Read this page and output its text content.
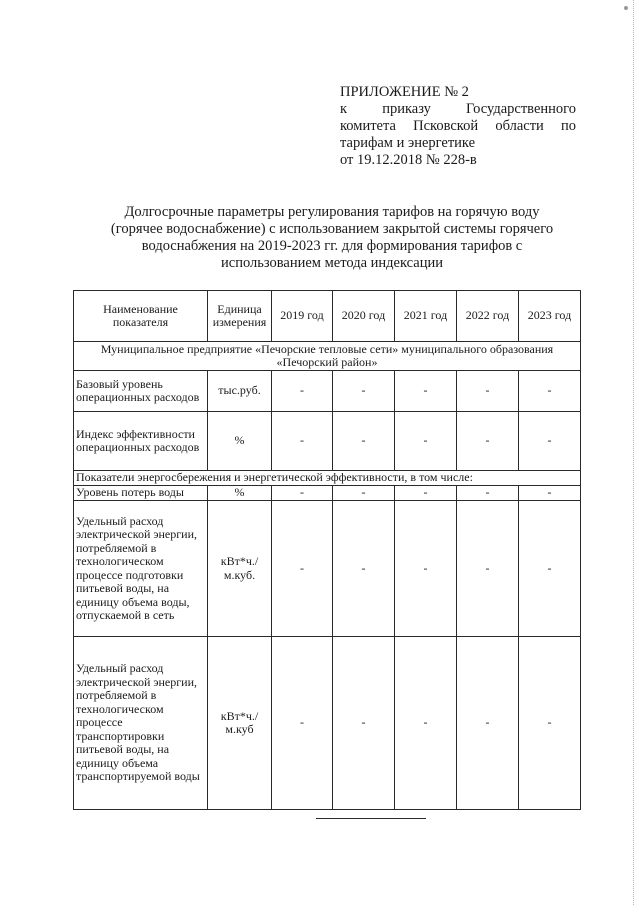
ПРИЛОЖЕНИЕ № 2
к приказу Государственного
комитета Псковской области по
тарифам и энергетике
от 19.12.2018 № 228-в
Долгосрочные параметры регулирования тарифов на горячую воду
(горячее водоснабжение) с использованием закрытой системы горячего
водоснабжения на 2019-2023 гг. для формирования тарифов с
использованием метода индексации
Наименование показателя	Единица измерения	2019 год	2020 год	2021 год	2022 год	2023 год
Муниципальное предприятие «Печорские тепловые сети» муниципального образования «Печорский район»						
Базовый уровень операционных расходов	тыс.руб.	-	-	-	-	-
Индекс эффективности операционных расходов	%	-	-	-	-	-
Показатели энергосбережения и энергетической эффективности, в том числе:						
Уровень потерь воды	%	-	-	-	-	-
Удельный расход электрической энергии, потребляемой в технологическом процессе подготовки питьевой воды, на единицу объема воды, отпускаемой в сеть	кВт*ч./м.куб.	-	-	-	-	-
Удельный расход электрической энергии, потребляемой в технологическом процессе транспортировки питьевой воды, на единицу объема транспортируемой воды	кВт*ч./м.куб	-	-	-	-	-
